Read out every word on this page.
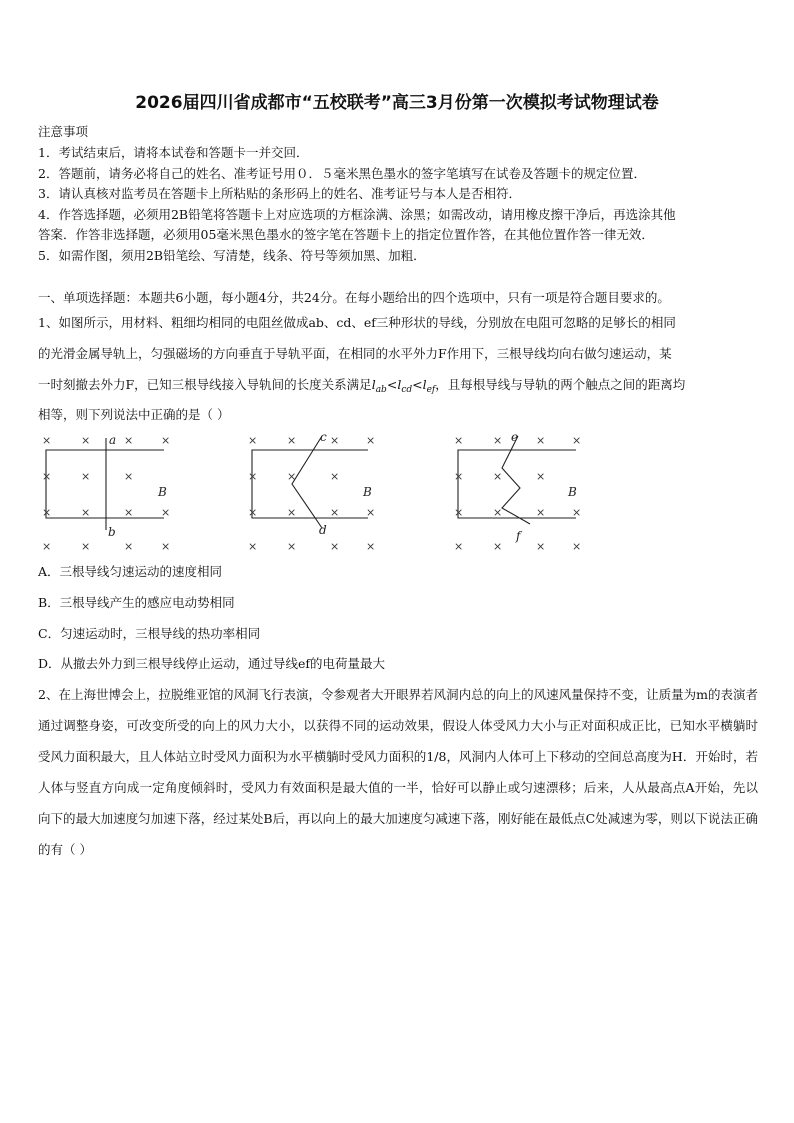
2026届四川省成都市“五校联考”高三3月份第一次模拟考试物理试卷
注意事项
1．考试结束后，请将本试卷和答题卡一并交回．
2．答题前，请务必将自己的姓名、准考证号用０．５毫米黑色墨水的签字笔填写在试卷及答题卡的规定位置．
3．请认真核对监考员在答题卡上所粘贴的条形码上的姓名、准考证号与本人是否相符．
4．作答选择题，必须用2B铅笔将答题卡上对应选项的方框涂满、涂黑；如需改动，请用橡皮擦干净后，再选涂其他
答案．作答非选择题，必须用05毫米黑色墨水的签字笔在答题卡上的指定位置作答，在其他位置作答一律无效．
5．如需作图，须用2B铅笔绘、写清楚，线条、符号等须加黑、加粗．
一、单项选择题：本题共6小题，每小题4分，共24分。在每小题给出的四个选项中，只有一项是符合题目要求的。
1、如图所示，用材料、粗细均相同的电阻丝做成ab、cd、ef三种形状的导线，分别放在电阻可忽略的足够长的相同
的光滑金属导轨上，匀强磁场的方向垂直于导轨平面，在相同的水平外力F作用下，三根导线均向右做匀速运动，某
一时刻撤去外力F，已知三根导线接入导轨间的长度关系满足$l_{ab}<l_{cd}<l_{ef}$，且每根导线与导轨的两个触点之间的距离均
相等，则下列说法中正确的是（ ）
×	×	×	×
×	×	×
×	×	×	×
×	×	×	×
×	×	× ×
×	×	×
×	×	× ×
×	×	× ×
×	×	× ×
×	×	×
×	×	× ×
×	×	× ×
a
b
B
c
d
B
e
f
B
A．三根导线匀速运动的速度相同
B．三根导线产生的感应电动势相同
C．匀速运动时，三根导线的热功率相同
D．从撤去外力到三根导线停止运动，通过导线ef的电荷量最大
2、在上海世博会上，拉脱维亚馆的风洞飞行表演，令参观者大开眼界若风洞内总的向上的风速风量保持不变，让质量为m的表演者通过调整身姿，可改变所受的向上的风力大小，以获得不同的运动效果，假设人体受风力大小与正对面积成正比，已知水平横躺时受风力面积最大，且人体站立时受风力面积为水平横躺时受风力面积的1/8，风洞内人体可上下移动的空间总高度为H．开始时，若人体与竖直方向成一定角度倾斜时，受风力有效面积是最大值的一半，恰好可以静止或匀速漂移；后来，人从最高点A开始，先以向下的最大加速度匀加速下落，经过某处B后，再以向上的最大加速度匀减速下落，刚好能在最低点C处减速为零，则以下说法正确的有（ ）
